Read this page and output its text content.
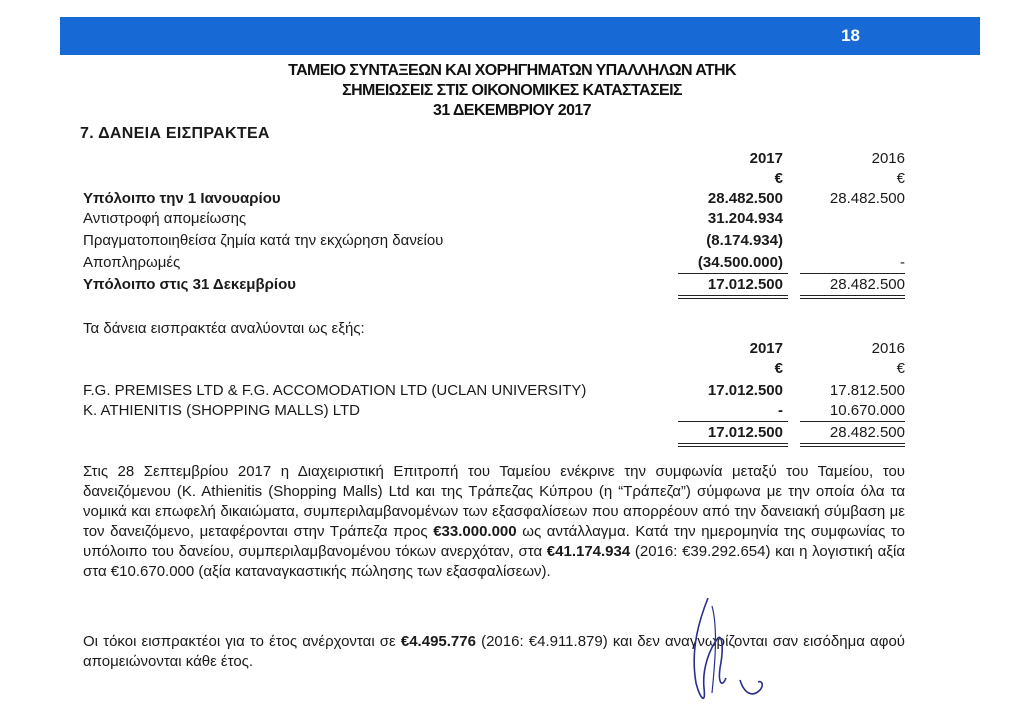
18
ΤΑΜΕΙΟ ΣΥΝΤΑΞΕΩΝ ΚΑΙ ΧΟΡΗΓΗΜΑΤΩΝ ΥΠΑΛΛΗΛΩΝ ΑΤΗΚ
ΣΗΜΕΙΩΣΕΙΣ ΣΤΙΣ ΟΙΚΟΝΟΜΙΚΕΣ ΚΑΤΑΣΤΑΣΕΙΣ
31 ΔΕΚΕΜΒΡΙΟΥ 2017
7. ΔΑΝΕΙΑ ΕΙΣΠΡΑΚΤΕΑ
2017	2016
€	€
Υπόλοιπο την 1 Ιανουαρίου	28.482.500	28.482.500
Αντιστροφή απομείωσης	31.204.934
Πραγματοποιηθείσα ζημία κατά την εκχώρηση δανείου	(8.174.934)
Αποπληρωμές	(34.500.000)	-
Υπόλοιπο στις 31 Δεκεμβρίου	17.012.500	28.482.500
Τα δάνεια εισπρακτέα αναλύονται ως εξής:
2017	2016
€	€
F.G. PREMISES LTD & F.G. ACCOMODATION LTD (UCLAN UNIVERSITY)	17.012.500	17.812.500
K. ATHIENITIS (SHOPPING MALLS) LTD	-	10.670.000
17.012.500	28.482.500

Στις 28 Σεπτεμβρίου 2017 η Διαχειριστική Επιτροπή του Ταμείου ενέκρινε την συμφωνία μεταξύ του Ταμείου, του δανειζόμενου (K. Athienitis (Shopping Malls) Ltd και της Τράπεζας Κύπρου (η “Τράπεζα”) σύμφωνα με την οποία όλα τα νομικά και επωφελή δικαιώματα, συμπεριλαμβανομένων των εξασφαλίσεων που απορρέουν από την δανειακή σύμβαση με τον δανειζόμενο, μεταφέρονται στην Τράπεζα προς €33.000.000 ως αντάλλαγμα. Κατά την ημερομηνία της συμφωνίας το υπόλοιπο του δανείου, συμπεριλαμβανομένου τόκων ανερχόταν, στα €41.174.934 (2016: €39.292.654) και η λογιστική αξία στα €10.670.000 (αξία καταναγκαστικής πώλησης των εξασφαλίσεων).

Οι τόκοι εισπρακτέοι για το έτος ανέρχονται σε €4.495.776 (2016: €4.911.879) και δεν αναγνωρίζονται σαν εισόδημα αφού απομειώνονται κάθε έτος.
